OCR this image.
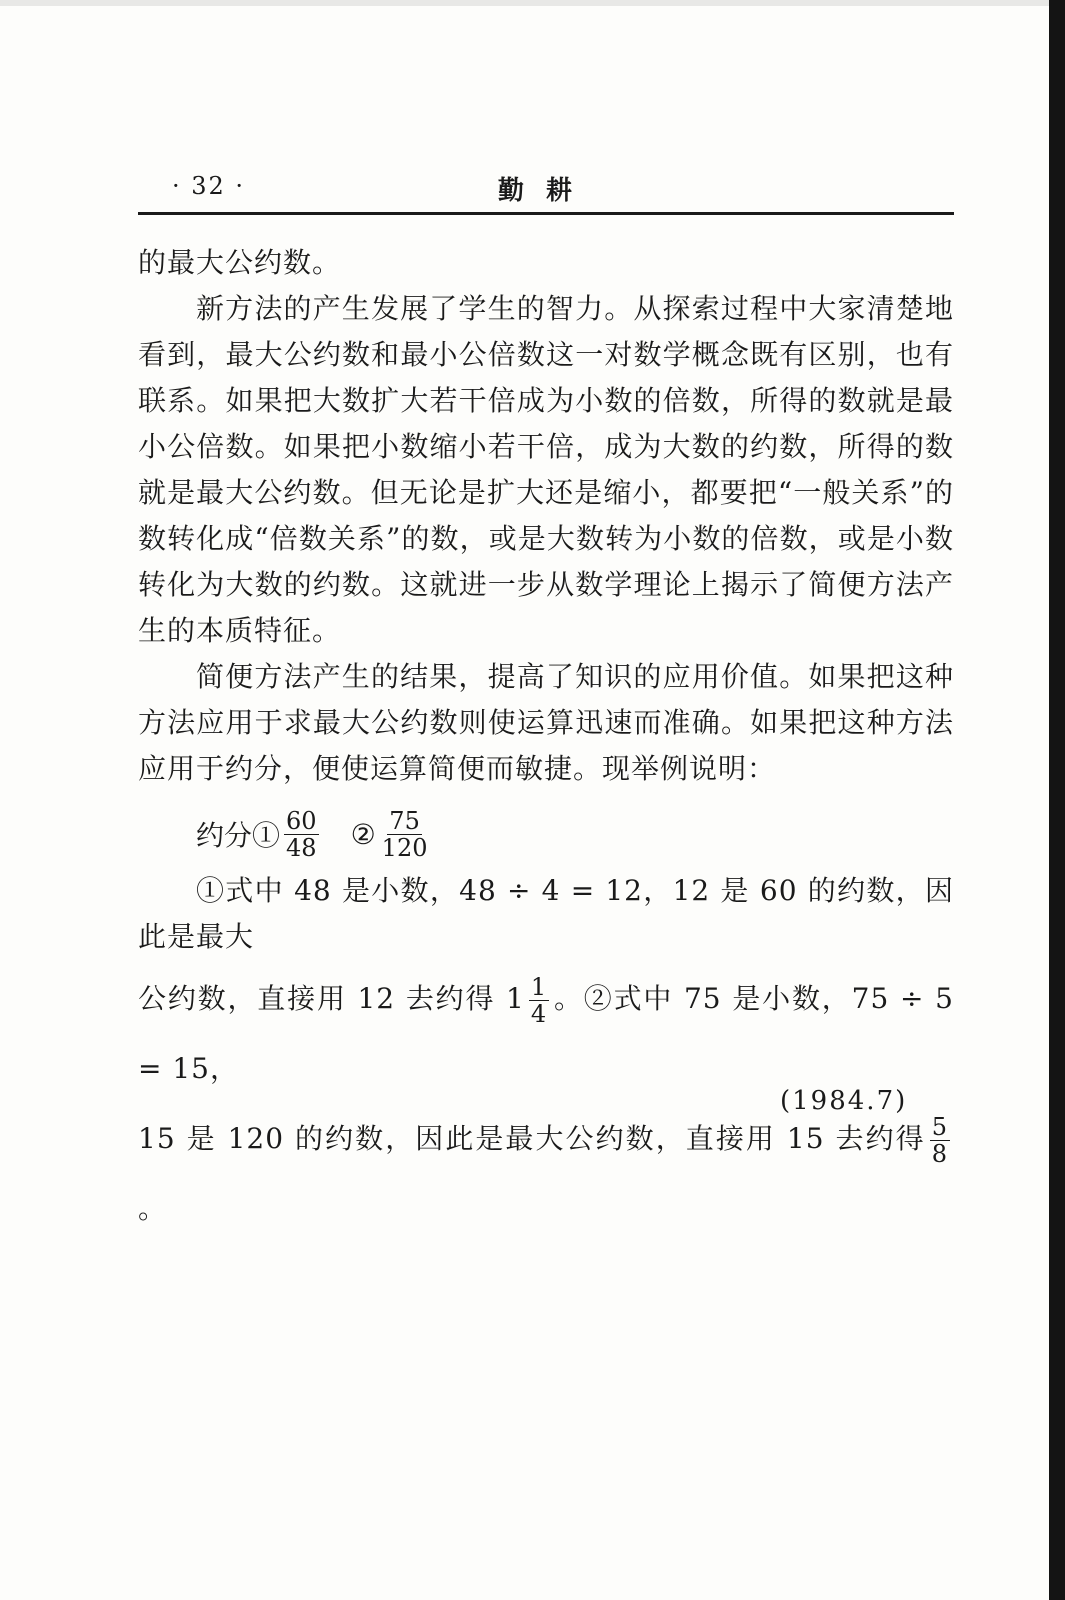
· 32 ·	勤耕

的最大公约数。

新方法的产生发展了学生的智力。从探索过程中大家清楚地看到，最大公约数和最小公倍数这一对数学概念既有区别，也有联系。如果把大数扩大若干倍成为小数的倍数，所得的数就是最小公倍数。如果把小数缩小若干倍，成为大数的约数，所得的数就是最大公约数。但无论是扩大还是缩小，都要把“一般关系”的数转化成“倍数关系”的数，或是大数转为小数的倍数，或是小数转化为大数的约数。这就进一步从数学理论上揭示了简便方法产生的本质特征。

简便方法产生的结果，提高了知识的应用价值。如果把这种方法应用于求最大公约数则使运算迅速而准确。如果把这种方法应用于约分，便使运算简便而敏捷。现举例说明：

约分① $\frac{60}{48}$ ② $\frac{75}{120}$

①式中 48 是小数，48 ÷ 4 = 12，12 是 60 的约数，因此是最大

公约数，直接用 12 去约得 $1 \frac{1}{4}$ 。②式中 75 是小数，75 ÷ 5 = 15，

15 是 120 的约数，因此是最大公约数，直接用 15 去约得 $\frac{5}{8}$
。

(1984.7)
